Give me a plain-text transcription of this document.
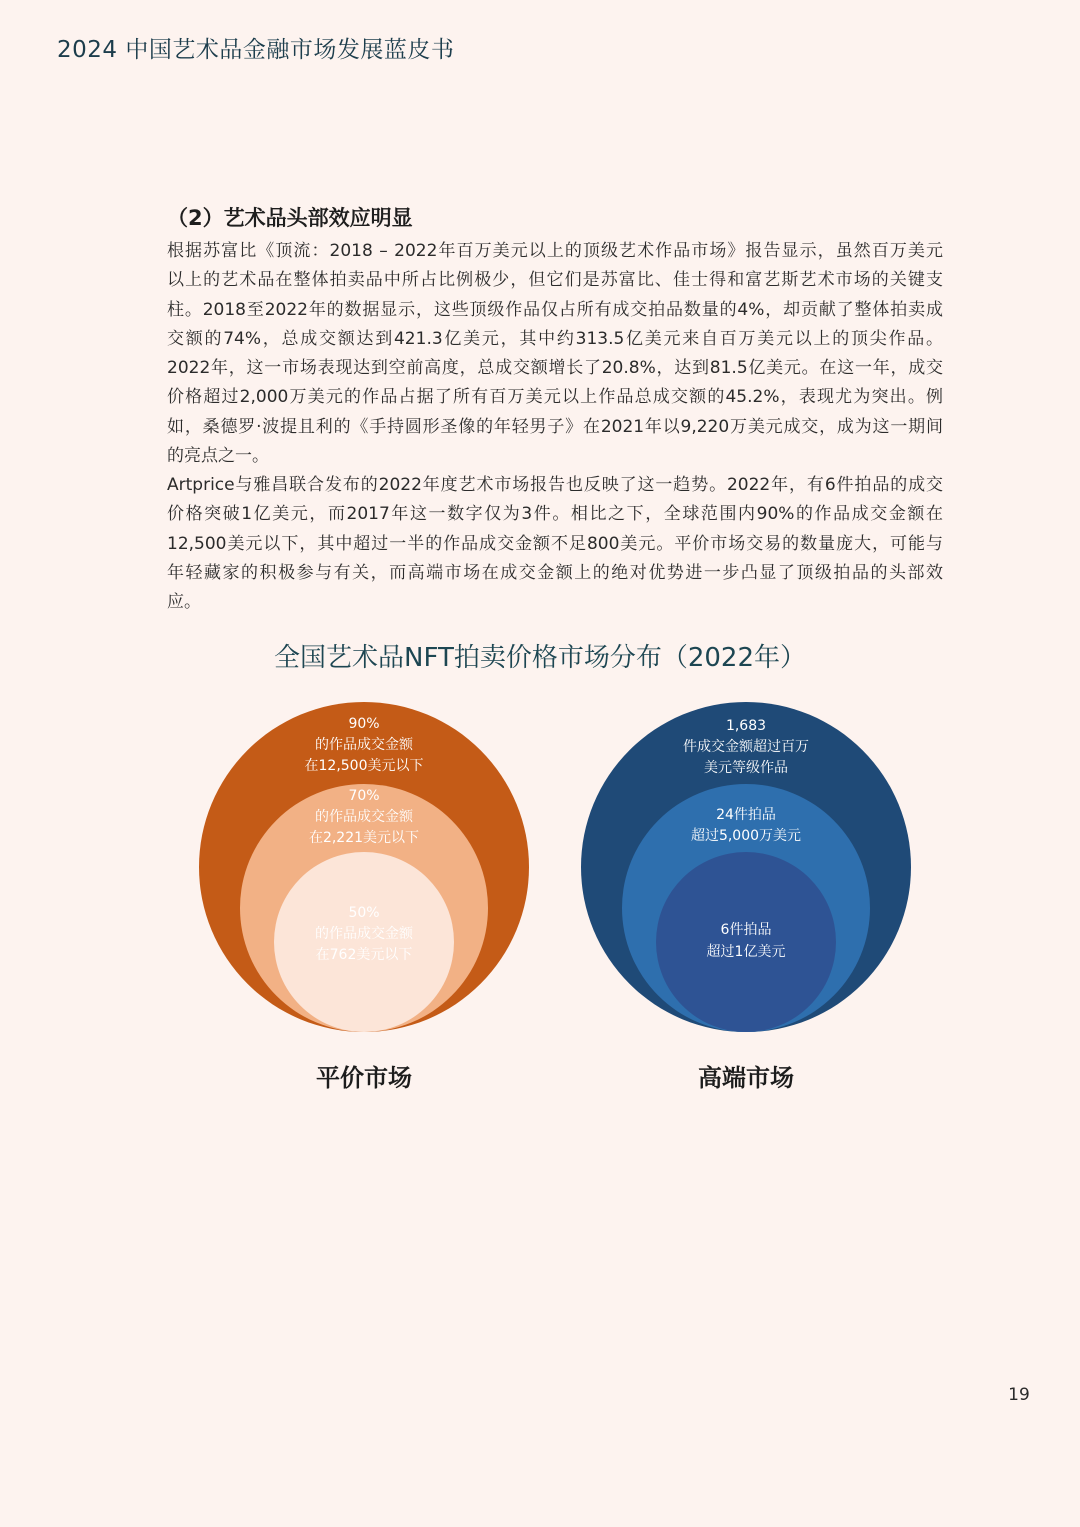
2024 中国艺术品金融市场发展蓝皮书
（2）艺术品头部效应明显
根据苏富比《顶流：2018 – 2022年百万美元以上的顶级艺术作品市场》报告显示，虽然百万美元
以上的艺术品在整体拍卖品中所占比例极少，但它们是苏富比、佳士得和富艺斯艺术市场的关键支
柱。2018至2022年的数据显示，这些顶级作品仅占所有成交拍品数量的4%，却贡献了整体拍卖成
交额的74%，总成交额达到421.3亿美元，其中约313.5亿美元来自百万美元以上的顶尖作品。
2022年，这一市场表现达到空前高度，总成交额增长了20.8%，达到81.5亿美元。在这一年，成交
价格超过2,000万美元的作品占据了所有百万美元以上作品总成交额的45.2%，表现尤为突出。例
如，桑德罗·波提且利的《手持圆形圣像的年轻男子》在2021年以9,220万美元成交，成为这一期间
的亮点之一。
Artprice与雅昌联合发布的2022年度艺术市场报告也反映了这一趋势。2022年，有6件拍品的成交
价格突破1亿美元，而2017年这一数字仅为3件。相比之下，全球范围内90%的作品成交金额在
12,500美元以下，其中超过一半的作品成交金额不足800美元。平价市场交易的数量庞大，可能与
年轻藏家的积极参与有关，而高端市场在成交金额上的绝对优势进一步凸显了顶级拍品的头部效
应。
全国艺术品NFT拍卖价格市场分布（2022年）
90%
的作品成交金额
在12,500美元以下
70%
的作品成交金额
在2,221美元以下
50%
的作品成交金额
在762美元以下
1,683
件成交金额超过百万
美元等级作品
24件拍品
超过5,000万美元
6件拍品
超过1亿美元
平价市场	高端市场
19
